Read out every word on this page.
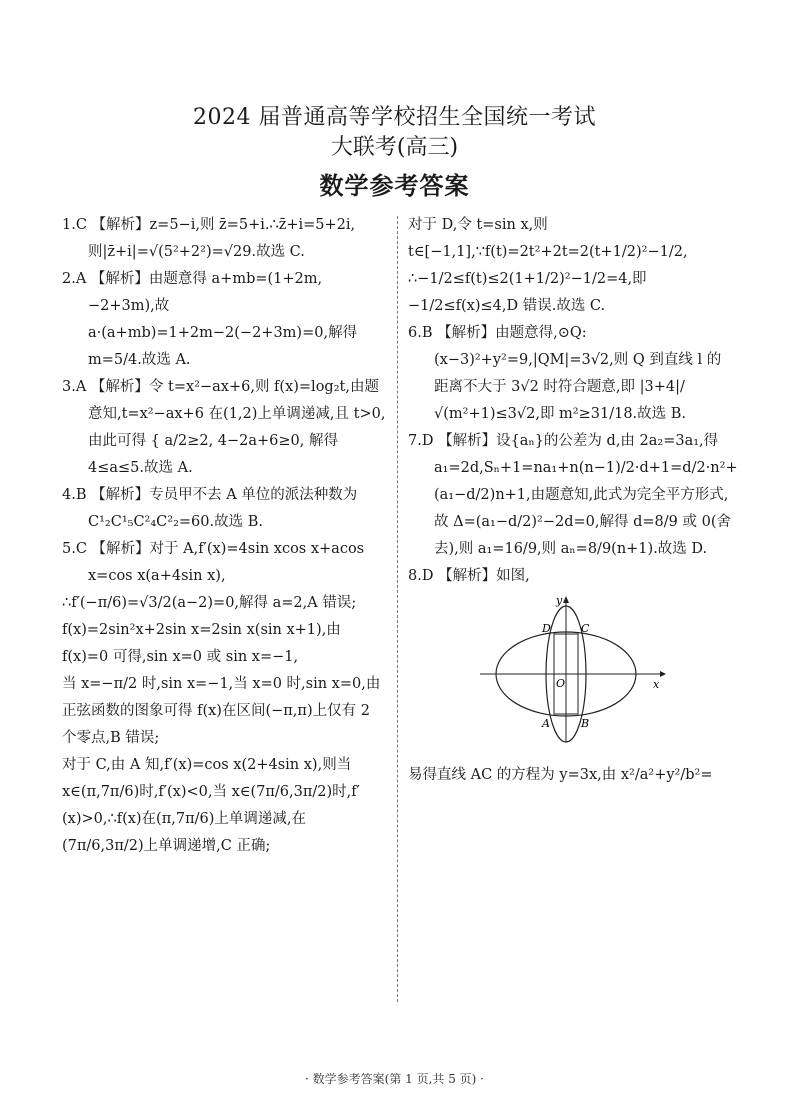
2024 届普通高等学校招生全国统一考试
大联考(高三)
数学参考答案

1.C 【解析】z=5−i,则 z̄=5+i.∴z̄+i=5+2i,则|z̄+i|=√(5²+2²)=√29.故选 C.

2.A 【解析】由题意得 a+mb=(1+2m,−2+3m),故 a·(a+mb)=1+2m−2(−2+3m)=0,解得 m=5/4.故选 A.

3.A 【解析】令 t=x²−ax+6,则 f(x)=log₂t,由题意知,t=x²−ax+6 在(1,2)上单调递减,且 t>0,由此可得 { a/2≥2, 4−2a+6≥0, 解得 4≤a≤5.故选 A.

4.B 【解析】专员甲不去 A 单位的派法种数为 C¹₂C¹₅C²₄C²₂=60.故选 B.

5.C 【解析】对于 A,f′(x)=4sin xcos x+acos x=cos x(a+4sin x),

∴f′(−π/6)=√3/2(a−2)=0,解得 a=2,A 错误;

f(x)=2sin²x+2sin x=2sin x(sin x+1),由 f(x)=0 可得,sin x=0 或 sin x=−1,

当 x=−π/2 时,sin x=−1,当 x=0 时,sin x=0,由正弦函数的图象可得 f(x)在区间(−π,π)上仅有 2 个零点,B 错误;

对于 C,由 A 知,f′(x)=cos x(2+4sin x),则当 x∈(π,7π/6)时,f′(x)<0,当 x∈(7π/6,3π/2)时,f′(x)>0,∴f(x)在(π,7π/6)上单调递减,在(7π/6,3π/2)上单调递增,C 正确;

对于 D,令 t=sin x,则 t∈[−1,1],∵f(t)=2t²+2t=2(t+1/2)²−1/2,

∴−1/2≤f(t)≤2(1+1/2)²−1/2=4,即 −1/2≤f(x)≤4,D 错误.故选 C.

6.B 【解析】由题意得,⊙Q:(x−3)²+y²=9,|QM|=3√2,则 Q 到直线 l 的距离不大于 3√2 时符合题意,即 |3+4|/√(m²+1)≤3√2,即 m²≥31/18.故选 B.

7.D 【解析】设{aₙ}的公差为 d,由 2a₂=3a₁,得 a₁=2d,Sₙ+1=na₁+n(n−1)/2·d+1=d/2·n²+(a₁−d/2)n+1,由题意知,此式为完全平方形式,故 Δ=(a₁−d/2)²−2d=0,解得 d=8/9 或 0(舍去),则 a₁=16/9,则 aₙ=8/9(n+1).故选 D.

8.D 【解析】如图,

y
x
O
D	C
A	B

易得直线 AC 的方程为 y=3x,由 x²/a²+y²/b²=

· 数学参考答案(第 1 页,共 5 页) ·
